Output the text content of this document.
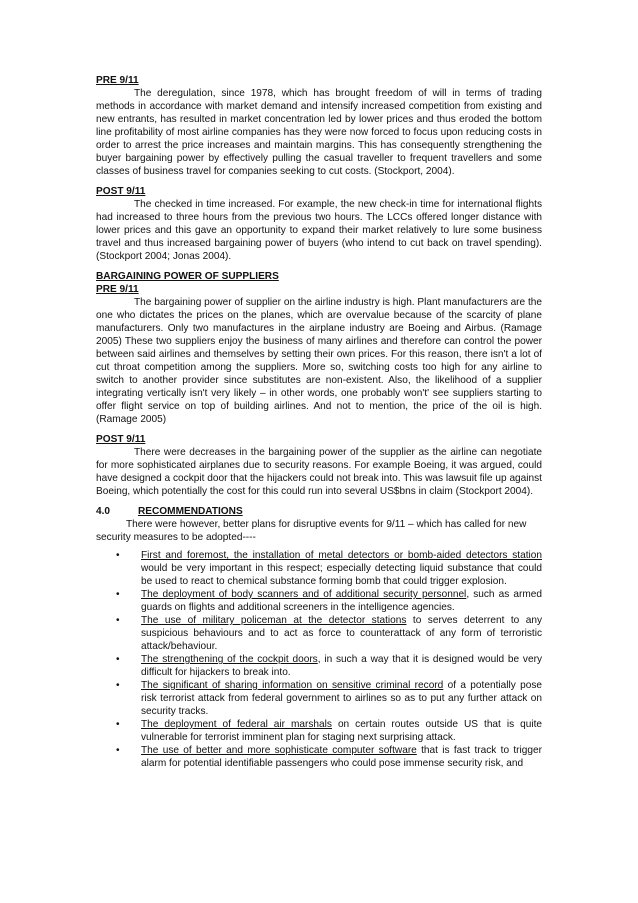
PRE 9/11

The deregulation, since 1978, which has brought freedom of will in terms of trading methods in accordance with market demand and intensify increased competition from existing and new entrants, has resulted in market concentration led by lower prices and thus eroded the bottom line profitability of most airline companies has they were now forced to focus upon reducing costs in order to arrest the price increases and maintain margins. This has consequently strengthening the buyer bargaining power by effectively pulling the casual traveller to frequent travellers and some classes of business travel for companies seeking to cut costs. (Stockport, 2004).

POST 9/11

The checked in time increased. For example, the new check-in time for international flights had increased to three hours from the previous two hours. The LCCs offered longer distance with lower prices and this gave an opportunity to expand their market relatively to lure some business travel and thus increased bargaining power of buyers (who intend to cut back on travel spending).(Stockport 2004; Jonas 2004).

BARGAINING POWER OF SUPPLIERS
PRE 9/11

The bargaining power of supplier on the airline industry is high. Plant manufacturers are the one who dictates the prices on the planes, which are overvalue because of the scarcity of plane manufacturers. Only two manufactures in the airplane industry are Boeing and Airbus. (Ramage 2005) These two suppliers enjoy the business of many airlines and therefore can control the power between said airlines and themselves by setting their own prices. For this reason, there isn't a lot of cut throat competition among the suppliers. More so, switching costs too high for any airline to switch to another provider since substitutes are non-existent. Also, the likelihood of a supplier integrating vertically isn't very likely – in other words, one probably won't' see suppliers starting to offer flight service on top of building airlines. And not to mention, the price of the oil is high. (Ramage 2005)

POST 9/11

There were decreases in the bargaining power of the supplier as the airline can negotiate for more sophisticated airplanes due to security reasons. For example Boeing, it was argued, could have designed a cockpit door that the hijackers could not break into. This was lawsuit file up against Boeing, which potentially the cost for this could run into several US$bns in claim (Stockport 2004).

4.0	RECOMMENDATIONS

There were however, better plans for disruptive events for 9/11 – which has called for new security measures to be adopted----

• First and foremost, the installation of metal detectors or bomb-aided detectors station would be very important in this respect; especially detecting liquid substance that could be used to react to chemical substance forming bomb that could trigger explosion.
• The deployment of body scanners and of additional security personnel, such as armed guards on flights and additional screeners in the intelligence agencies.
• The use of military policeman at the detector stations to serves deterrent to any suspicious behaviours and to act as force to counterattack of any form of terroristic attack/behaviour.
• The strengthening of the cockpit doors, in such a way that it is designed would be very difficult for hijackers to break into.
• The significant of sharing information on sensitive criminal record of a potentially pose risk terrorist attack from federal government to airlines so as to put any further attack on security tracks.
• The deployment of federal air marshals on certain routes outside US that is quite vulnerable for terrorist imminent plan for staging next surprising attack.
• The use of better and more sophisticate computer software that is fast track to trigger alarm for potential identifiable passengers who could pose immense security risk, and
